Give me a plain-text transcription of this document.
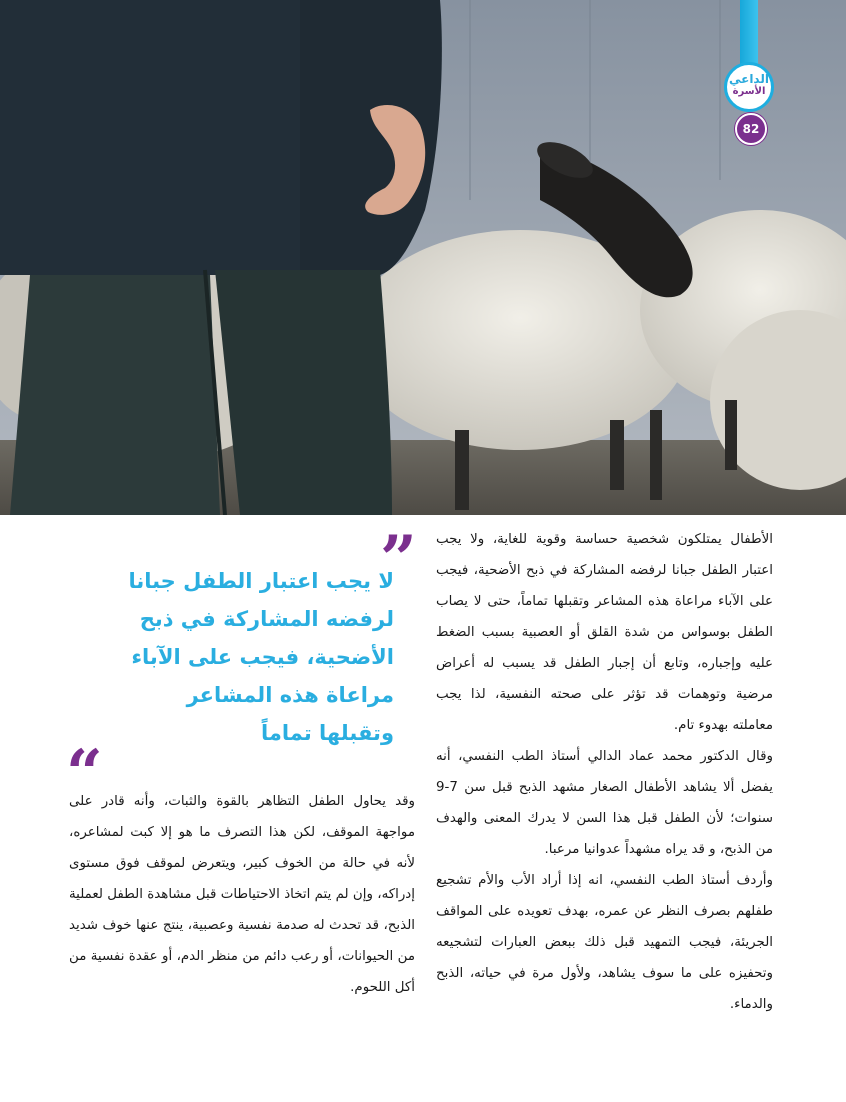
الداعي
الأسرة
82

الأطفال يمتلكون شخصية حساسة وقوية للغاية، ولا يجب اعتبار الطفل جبانا لرفضه المشاركة في ذبح الأضحية، فيجب على الآباء مراعاة هذه المشاعر وتقبلها تماماً، حتى لا يصاب الطفل بوسواس من شدة القلق أو العصبية بسبب الضغط عليه وإجباره، وتابع أن إجبار الطفل قد يسبب له أعراض مرضية وتوهمات قد تؤثر على صحته النفسية، لذا يجب معاملته بهدوء تام.

وقال الدكتور محمد عماد الدالي أستاذ الطب النفسي، أنه يفضل ألا يشاهد الأطفال الصغار مشهد الذبح قبل سن 7-9 سنوات؛ لأن الطفل قبل هذا السن لا يدرك المعنى والهدف من الذبح، و قد يراه مشهداً عدوانيا مرعبا.

وأردف أستاذ الطب النفسي، انه إذا أراد الأب والأم تشجيع طفلهم بصرف النظر عن عمره، بهدف تعويده على المواقف الجريئة، فيجب التمهيد قبل ذلك ببعض العبارات لتشجيعه وتحفيزه على ما سوف يشاهد، ولأول مرة في حياته، الذبح والدماء.

”
لا يجب اعتبار الطفل جبانا
لرفضه المشاركة في ذبح
الأضحية، فيجب على الآباء
مراعاة هذه المشاعر
وتقبلها تماماً
“

وقد يحاول الطفل التظاهر بالقوة والثبات، وأنه قادر على مواجهة الموقف، لكن هذا التصرف ما هو إلا كبت لمشاعره، لأنه في حالة من الخوف كبير، ويتعرض لموقف فوق مستوى إدراكه، وإن لم يتم اتخاذ الاحتياطات قبل مشاهدة الطفل لعملية الذبح، قد تحدث له صدمة نفسية وعصبية، ينتج عنها خوف شديد من الحيوانات، أو رعب دائم من منظر الدم، أو عقدة نفسية من أكل اللحوم.
